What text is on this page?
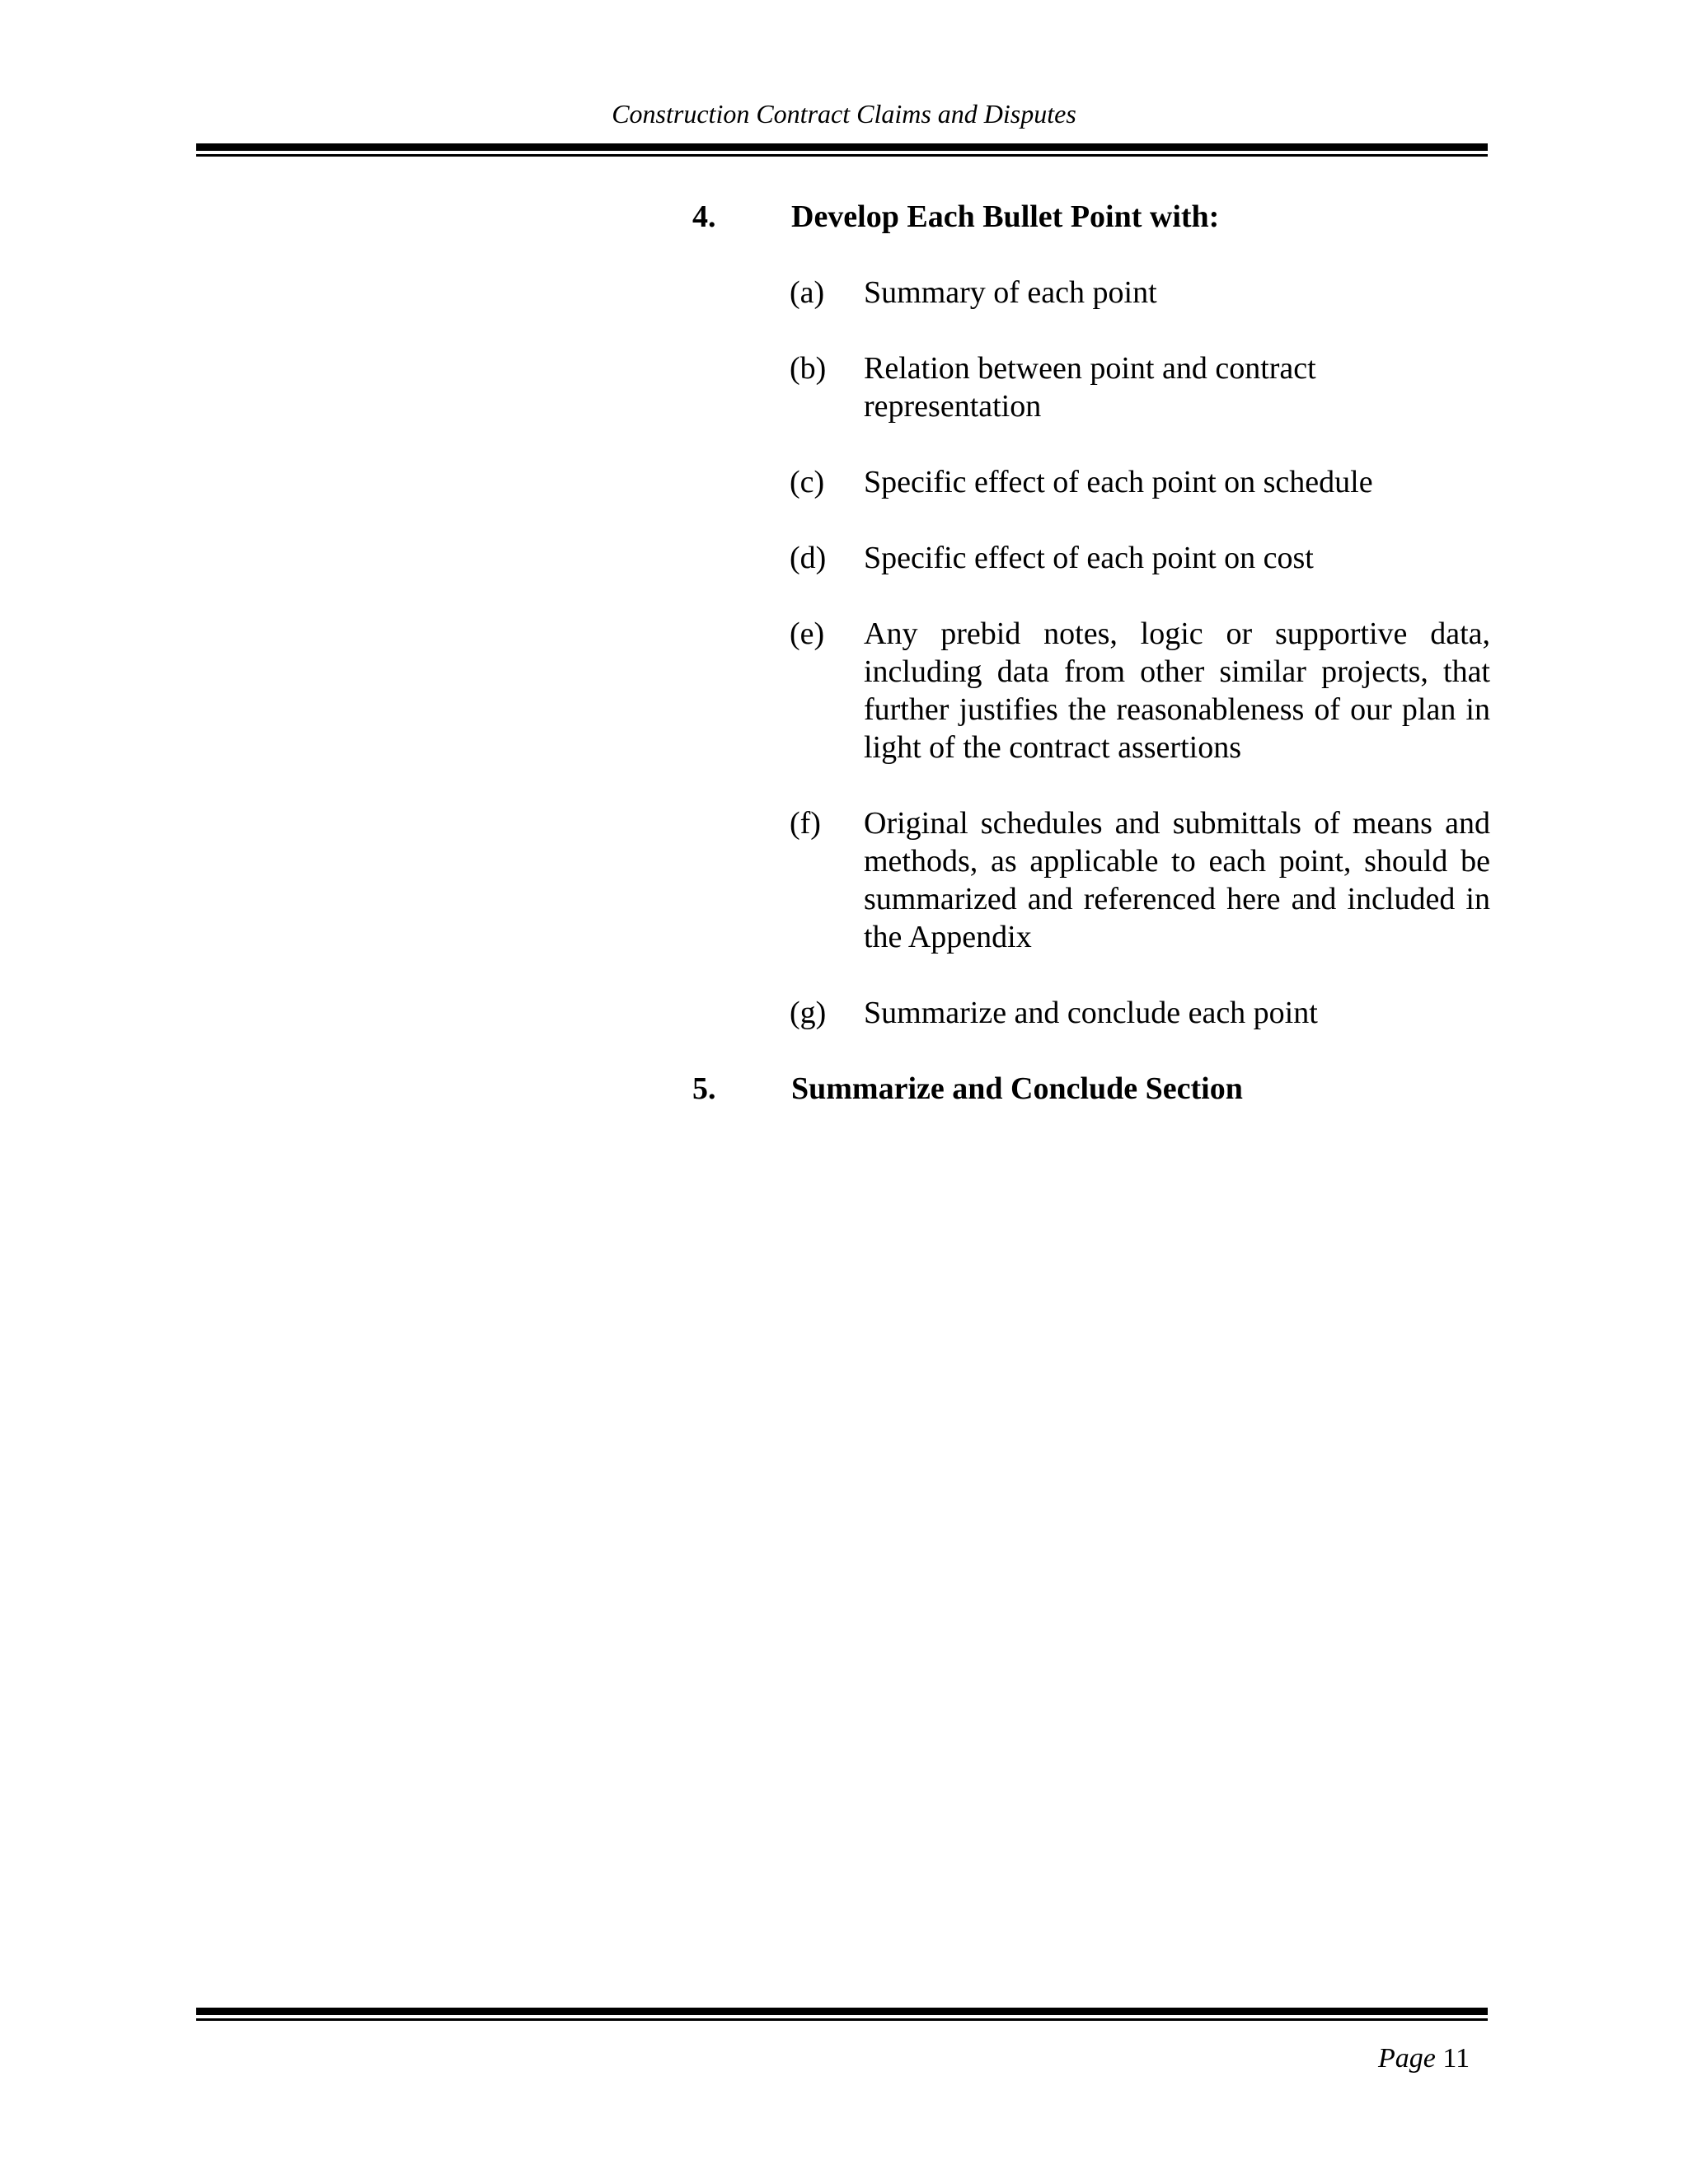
Construction Contract Claims and Disputes
4. Develop Each Bullet Point with:
(a) Summary of each point
(b) Relation between point and contract representation
(c) Specific effect of each point on schedule
(d) Specific effect of each point on cost
(e) Any prebid notes, logic or supportive data, including data from other similar projects, that further justifies the reasonableness of our plan in light of the contract assertions
(f) Original schedules and submittals of means and methods, as applicable to each point, should be summarized and referenced here and included in the Appendix
(g) Summarize and conclude each point
5. Summarize and Conclude Section
Page 11
